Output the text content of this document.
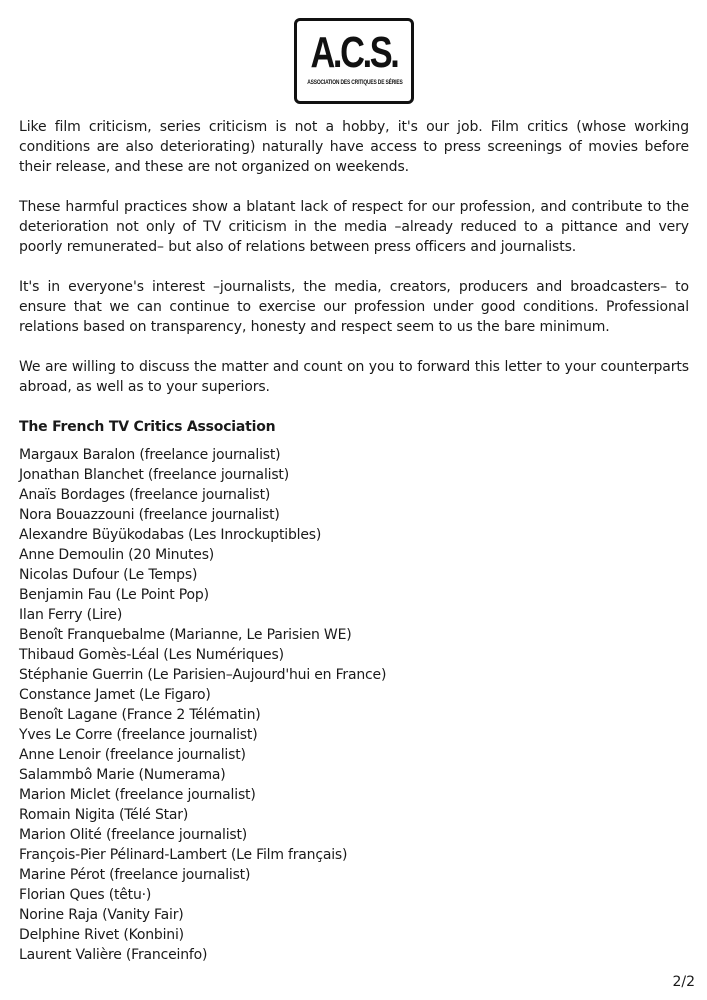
A.C.S.
ASSOCIATION DES CRITIQUES DE SÉRIES

Like film criticism, series criticism is not a hobby, it's our job. Film critics (whose working conditions are also deteriorating) naturally have access to press screenings of movies before their release, and these are not organized on weekends.

These harmful practices show a blatant lack of respect for our profession, and contribute to the deterioration not only of TV criticism in the media –already reduced to a pittance and very poorly remunerated– but also of relations between press officers and journalists.

It's in everyone's interest –journalists, the media, creators, producers and broadcasters– to ensure that we can continue to exercise our profession under good conditions. Professional relations based on transparency, honesty and respect seem to us the bare minimum.

We are willing to discuss the matter and count on you to forward this letter to your counterparts abroad, as well as to your superiors.

The French TV Critics Association
Margaux Baralon (freelance journalist)
Jonathan Blanchet (freelance journalist)
Anaïs Bordages (freelance journalist)
Nora Bouazzouni (freelance journalist)
Alexandre Büyükodabas (Les Inrockuptibles)
Anne Demoulin (20 Minutes)
Nicolas Dufour (Le Temps)
Benjamin Fau (Le Point Pop)
Ilan Ferry (Lire)
Benoît Franquebalme (Marianne, Le Parisien WE)
Thibaud Gomès-Léal (Les Numériques)
Stéphanie Guerrin (Le Parisien–Aujourd'hui en France)
Constance Jamet (Le Figaro)
Benoît Lagane (France 2 Télématin)
Yves Le Corre (freelance journalist)
Anne Lenoir (freelance journalist)
Salammbô Marie (Numerama)
Marion Miclet (freelance journalist)
Romain Nigita (Télé Star)
Marion Olité (freelance journalist)
François-Pier Pélinard-Lambert (Le Film français)
Marine Pérot (freelance journalist)
Florian Ques (têtu·)
Norine Raja (Vanity Fair)
Delphine Rivet (Konbini)
Laurent Valière (Franceinfo)
2/2
